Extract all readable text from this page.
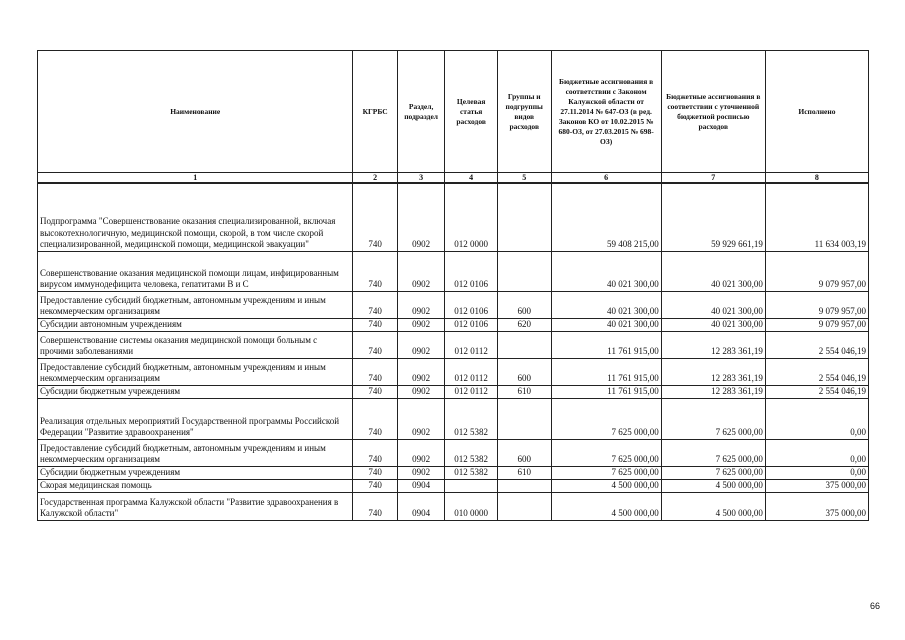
Наименование	КГРБС	Раздел, подраздел	Целевая статья расходов	Группы и подгруппы видов расходов	Бюджетные ассигнования в соответствии с Законом Калужской области от 27.11.2014 № 647-ОЗ (в ред. Законов КО от 10.02.2015 № 680-ОЗ, от 27.03.2015 № 698-ОЗ)	Бюджетные ассигнования в соответствии с уточненной бюджетной росписью расходов	Исполнено
1	2	3	4	5	6	7	8
Подпрограмма "Совершенствование оказания специализированной, включая высокотехнологичную, медицинской помощи, скорой, в том числе скорой специализированной, медицинской помощи, медицинской эвакуации"	740	0902	012 0000		59 408 215,00	59 929 661,19	11 634 003,19
Совершенствование оказания медицинской помощи лицам, инфицированным вирусом иммунодефицита человека, гепатитами В и С	740	0902	012 0106		40 021 300,00	40 021 300,00	9 079 957,00
Предоставление субсидий бюджетным, автономным учреждениям и иным некоммерческим организациям	740	0902	012 0106	600	40 021 300,00	40 021 300,00	9 079 957,00
Субсидии автономным учреждениям	740	0902	012 0106	620	40 021 300,00	40 021 300,00	9 079 957,00
Совершенствование системы оказания медицинской помощи больным с прочими заболеваниями	740	0902	012 0112		11 761 915,00	12 283 361,19	2 554 046,19
Предоставление субсидий бюджетным, автономным учреждениям и иным некоммерческим организациям	740	0902	012 0112	600	11 761 915,00	12 283 361,19	2 554 046,19
Субсидии бюджетным учреждениям	740	0902	012 0112	610	11 761 915,00	12 283 361,19	2 554 046,19
Реализация отдельных мероприятий Государственной программы Российской Федерации "Развитие здравоохранения"	740	0902	012 5382		7 625 000,00	7 625 000,00	0,00
Предоставление субсидий бюджетным, автономным учреждениям и иным некоммерческим организациям	740	0902	012 5382	600	7 625 000,00	7 625 000,00	0,00
Субсидии бюджетным учреждениям	740	0902	012 5382	610	7 625 000,00	7 625 000,00	0,00
Скорая медицинская помощь	740	0904			4 500 000,00	4 500 000,00	375 000,00
Государственная программа Калужской области "Развитие здравоохранения в Калужской области"	740	0904	010 0000		4 500 000,00	4 500 000,00	375 000,00
66
